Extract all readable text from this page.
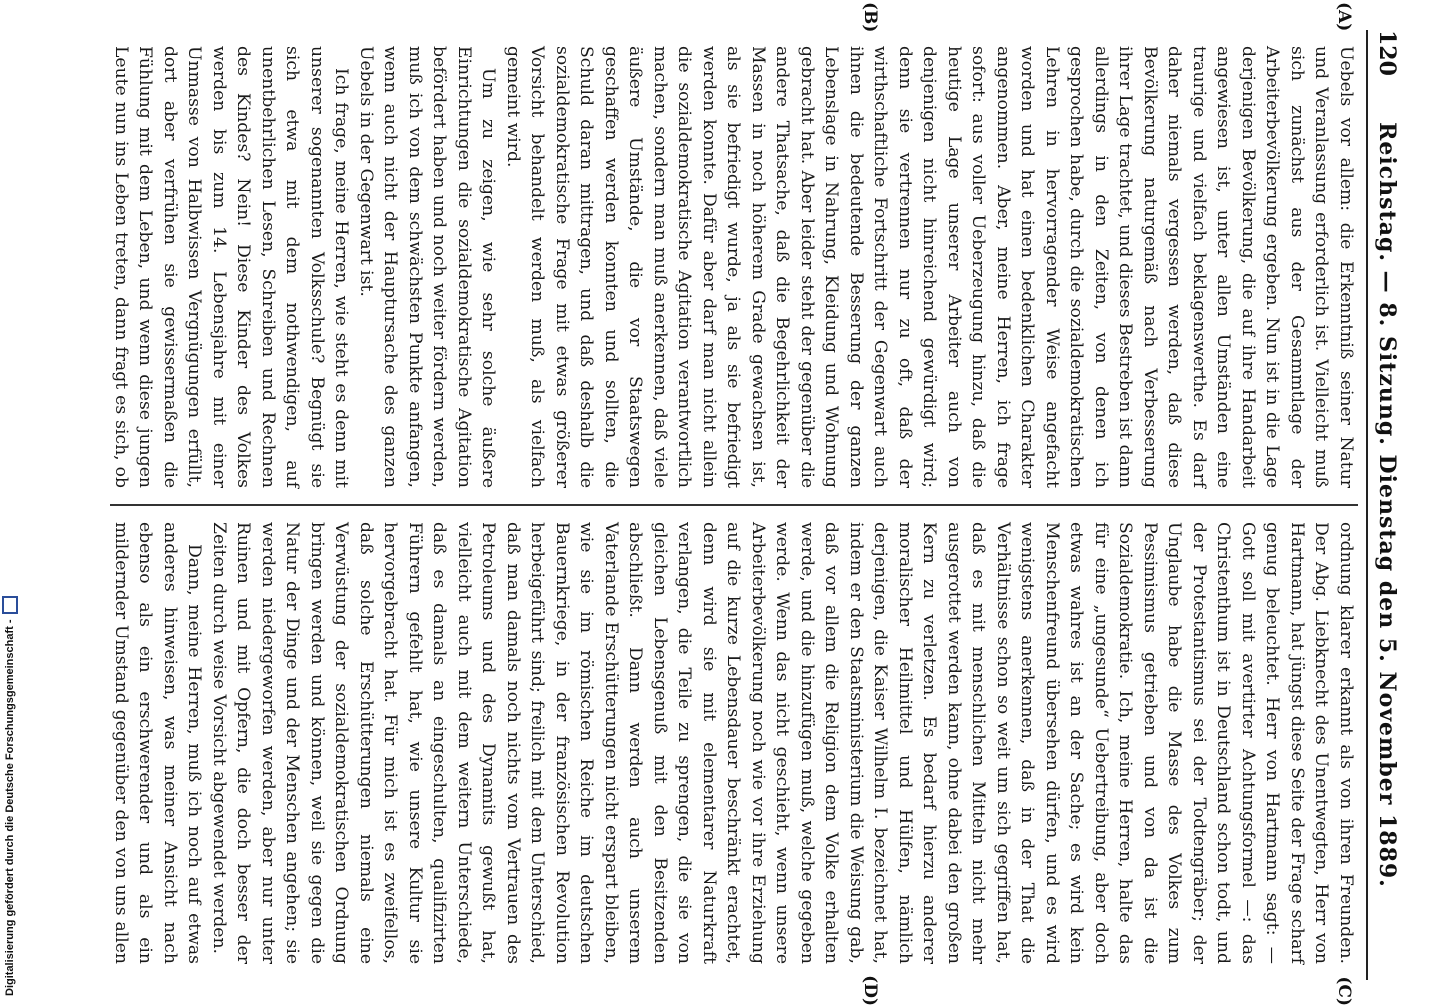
120
Reichstag. — 8. Sitzung. Dienstag den 5. November 1889.

Uebels vor allem: die Erkenntniß seiner Natur und Veranlassung erforderlich ist. Vielleicht muß sich zunächst aus der Gesammtlage der Arbeiterbevölkerung ergeben. Nun ist in die Lage derjenigen Bevölkerung, die auf ihre Handarbeit angewiesen ist, unter allen Umständen eine traurige und vielfach beklagenswerthe. Es darf daher niemals vergessen werden, daß diese Bevölkerung naturgemäß nach Verbesserung ihrer Lage trachtet, und dieses Bestreben ist dann allerdings in den Zeiten, von denen ich gesprochen habe, durch die sozialdemokratischen Lehren in hervorragender Weise angefacht worden und hat einen bedenklichen Charakter angenommen. Aber, meine Herren, ich frage sofort: aus voller Ueberzeugung hinzu, daß die heutige Lage unserer Arbeiter auch von denjenigen nicht hinreichend gewürdigt wird; denn sie vertrennen nur zu oft, daß der wirthschaftliche Fortschritt der Gegenwart auch ihnen die bedeutende Besserung der ganzen Lebenslage in Nahrung, Kleidung und Wohnung gebracht hat. Aber leider steht der gegenüber die andere Thatsache, daß die Begehrlichkeit der Massen in noch höherem Grade gewachsen ist, als sie befriedigt wurde, ja als sie befriedigt werden konnte. Dafür aber darf man nicht allein die sozialdemokratische Agitation verantwortlich machen, sondern man muß anerkennen, daß viele äußere Umstände, die vor Staatswegen geschaffen werden konnten und sollten, die Schuld daran mittragen, und daß deshalb die sozialdemokratische Frage mit etwas größerer Vorsicht behandelt werden muß, als vielfach gemeint wird.

Um zu zeigen, wie sehr solche äußere Einrichtungen die sozialdemokratische Agitation befördert haben und noch weiter fördern werden, muß ich von dem schwächsten Punkte anfangen, wenn auch nicht der Hauptursache des ganzen Uebels in der Gegenwart ist.

Ich frage, meine Herren, wie steht es denn mit unserer sogenannten Volksschule? Begnügt sie sich etwa mit dem nothwendigen, auf unentbehrlichen Lesen, Schreiben und Rechnen des Kindes? Nein! Diese Kinder des Volkes werden bis zum 14. Lebensjahre mit einer Unmasse von Halbwissen Vergnügungen erfüllt, dort aber verfrühen sie gewissermaßen die Fühlung mit dem Leben, und wenn diese jungen Leute nun ins Leben treten, dann fragt es sich, ob

ordnung klarer erkannt als von ihren Freunden. Der Abg. Liebknecht des Unentwegten, Herr von Hartmann, hat jüngst diese Seite der Frage scharf genug beleuchtet. Herr von Hartmann sagt: — Gott soll mit avertirter Achtungsformel —: das Christenthum ist in Deutschland schon todt, und der Protestantismus sei der Todtengräber; der Unglaube habe die Masse des Volkes zum Pessimismus getrieben und von da ist die Sozialdemokratie. Ich, meine Herren, halte das für eine „ungesunde“ Uebertreibung, aber doch etwas wahres ist an der Sache; es wird kein Menschenfreund übersehen dürfen, und es wird wenigstens anerkennen, daß in der That die Verhältnisse schon so weit um sich gegriffen hat, daß es mit menschlichen Mitteln nicht mehr ausgerottet werden kann, ohne dabei den großen Kern zu verletzen. Es bedarf hierzu anderer moralischer Heilmittel und Hülfen, nämlich derjenigen, die Kaiser Wilhelm I. bezeichnet hat, indem er den Staatsministerium die Weisung gab, daß vor allem die Religion dem Volke erhalten werde, und die hinzufügen muß, welche gegeben werde. Wenn das nicht geschieht, wenn unsere Arbeiterbevölkerung noch wie vor ihre Erziehung auf die kurze Lebensdauer beschränkt erachtet, denn wird sie mit elementarer Naturkraft verlangen, die Teile zu sprengen, die sie von gleichen Lebensgenuß mit den Besitzenden abschließt. Dann werden auch unserem Vaterlande Erschütterungen nicht erspart bleiben, wie sie im römischen Reiche im deutschen Bauernkriege, in der französischen Revolution herbeigeführt sind; freilich mit dem Unterschied, daß man damals noch nichts vom Vertrauen des Petroleums und des Dynamits gewußt hat, vielleicht auch mit dem weitern Unterschiede, daß es damals an eingeschulten, qualifizirten Führern gefehlt hat, wie unsere Kultur sie hervorgebracht hat. Für mich ist es zweifellos, daß solche Erschütterungen niemals eine Verwüstung der sozialdemokratischen Ordnung bringen werden und können, weil sie gegen die Natur der Dinge und der Menschen angehen; sie werden niedergeworfen werden, aber nur unter Ruinen und mit Opfern, die doch besser der Zeiten durch weise Vorsicht abgewendet werden.

Dann, meine Herren, muß ich noch auf etwas anderes hinweisen, was meiner Ansicht nach ebenso als ein erschwerender und als ein mildernder Umstand gegenüber den von uns allen

(A)
(B)
(C)
(D)
Digitalisierung gefördert durch die Deutsche Forschungsgemeinschaft -
